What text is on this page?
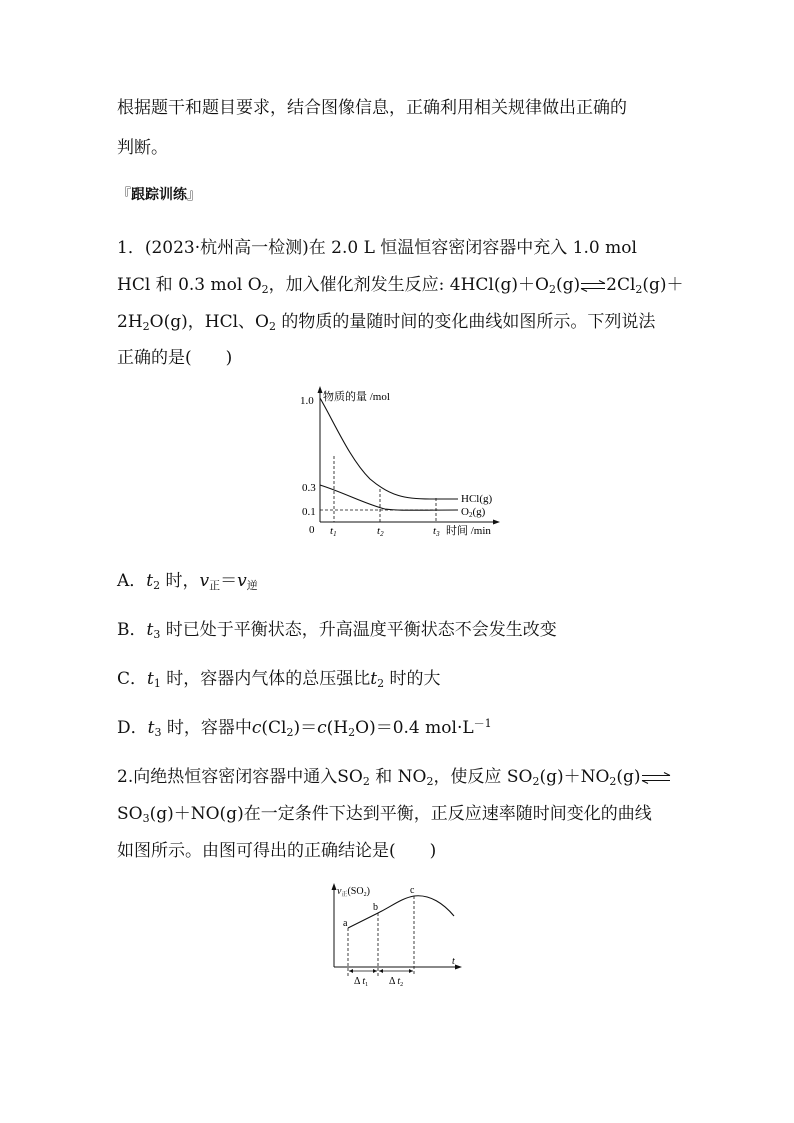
根据题干和题目要求，结合图像信息，正确利用相关规律做出正确的
判断。
『跟踪训练』
1．(2023·杭州高一检测)在 2.0 L 恒温恒容密闭容器中充入 1.0 mol
HCl 和 0.3 mol $O_2$，加入催化剂发生反应: $4HCl(g)+O_2(g)\rightleftharpoons 2Cl_2(g)+$
$2H_2O(g)$，HCl、$O_2$ 的物质的量随时间的变化曲线如图所示。下列说法
正确的是(　　)
物质的量 /mol
时间 /min
0
1.0
0.3
0.1
t1	t2	t3
HCl(g)
O2(g)
A．$t_2$ 时，$v_正=v_逆$
B．$t_3$ 时已处于平衡状态，升高温度平衡状态不会发生改变
C．$t_1$ 时，容器内气体的总压强比$t_2$ 时的大
D．$t_3$ 时，容器中$c(Cl_2)=c(H_2O)=0.4$ $mol\cdot L^{-1}$
2.向绝热恒容密闭容器中通入$SO_2$ 和 $NO_2$，使反应 $SO_2(g)+NO_2(g)\rightleftharpoons$
$SO_3(g)+NO(g)$在一定条件下达到平衡，正反应速率随时间变化的曲线
如图所示。由图可得出的正确结论是(　　)
$v_正(SO_2)$
t
a
b
c
Δ $t_1$ Δ $t_2$
